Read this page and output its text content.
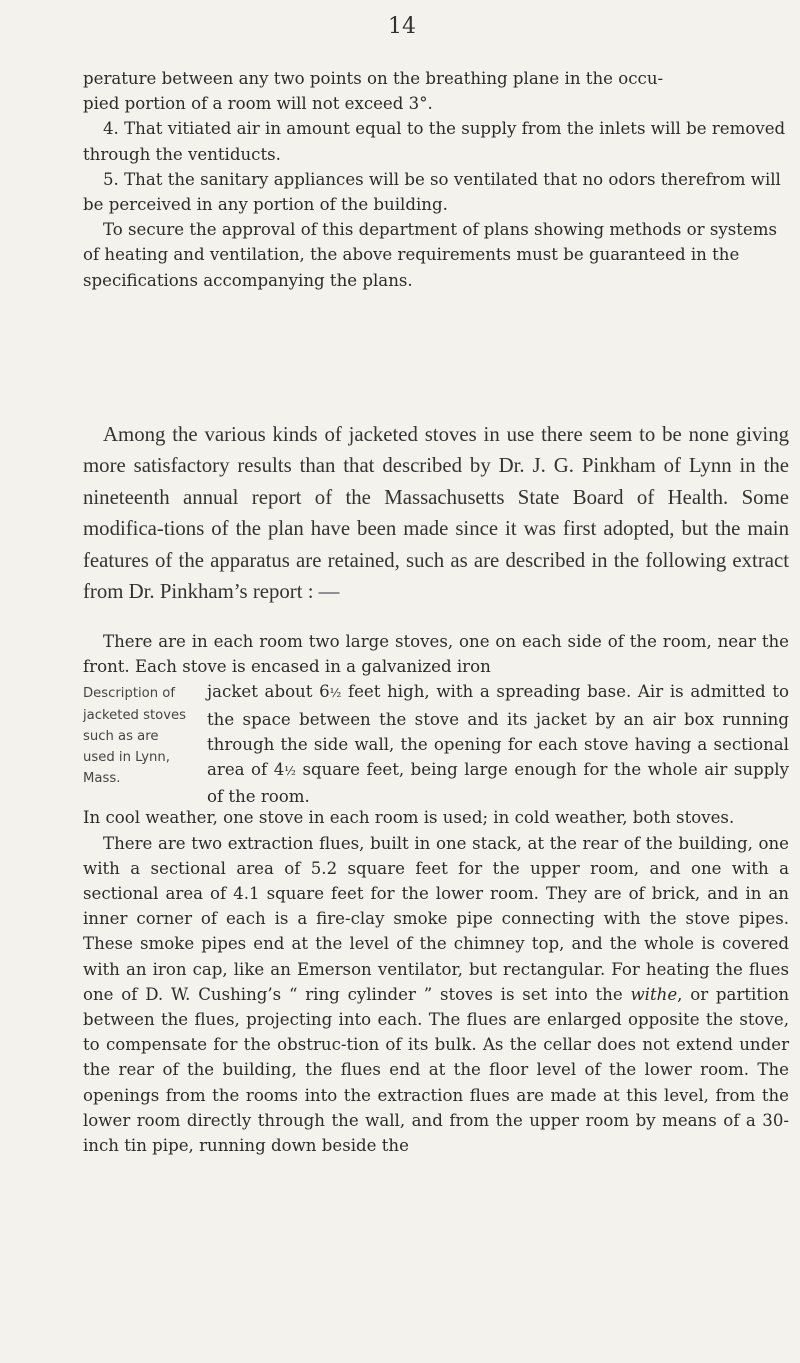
14

perature between any two points on the breathing plane in the occu-

pied portion of a room will not exceed 3°.

4. That vitiated air in amount equal to the supply from the inlets will be removed through the ventiducts.

5. That the sanitary appliances will be so ventilated that no odors therefrom will be perceived in any portion of the building.

To secure the approval of this department of plans showing methods or systems of heating and ventilation, the above requirements must be guaranteed in the specifications accompanying the plans.

Among the various kinds of jacketed stoves in use there seem to be none giving more satisfactory results than that described by Dr. J. G. Pinkham of Lynn in the nineteenth annual report of the Massachusetts State Board of Health. Some modifica-tions of the plan have been made since it was first adopted, but the main features of the apparatus are retained, such as are described in the following extract from Dr. Pinkham’s report : —

There are in each room two large stoves, one on each side of the room, near the front. Each stove is encased in a galvanized iron

Description of jacketed stoves such as are used in Lynn, Mass.
jacket about 6½ feet high, with a spreading base. Air is admitted to the space between the stove and its jacket by an air box running through the side wall, the opening for each stove having a sectional area of 4½ square feet, being large enough for the whole air supply of the room.

In cool weather, one stove in each room is used; in cold weather, both stoves.

There are two extraction flues, built in one stack, at the rear of the building, one with a sectional area of 5.2 square feet for the upper room, and one with a sectional area of 4.1 square feet for the lower room. They are of brick, and in an inner corner of each is a fire-clay smoke pipe connecting with the stove pipes. These smoke pipes end at the level of the chimney top, and the whole is covered with an iron cap, like an Emerson ventilator, but rectangular. For heating the flues one of D. W. Cushing’s “ ring cylinder ” stoves is set into the withe, or partition between the flues, projecting into each. The flues are enlarged opposite the stove, to compensate for the obstruc-tion of its bulk. As the cellar does not extend under the rear of the building, the flues end at the floor level of the lower room. The openings from the rooms into the extraction flues are made at this level, from the lower room directly through the wall, and from the upper room by means of a 30-inch tin pipe, running down beside the
